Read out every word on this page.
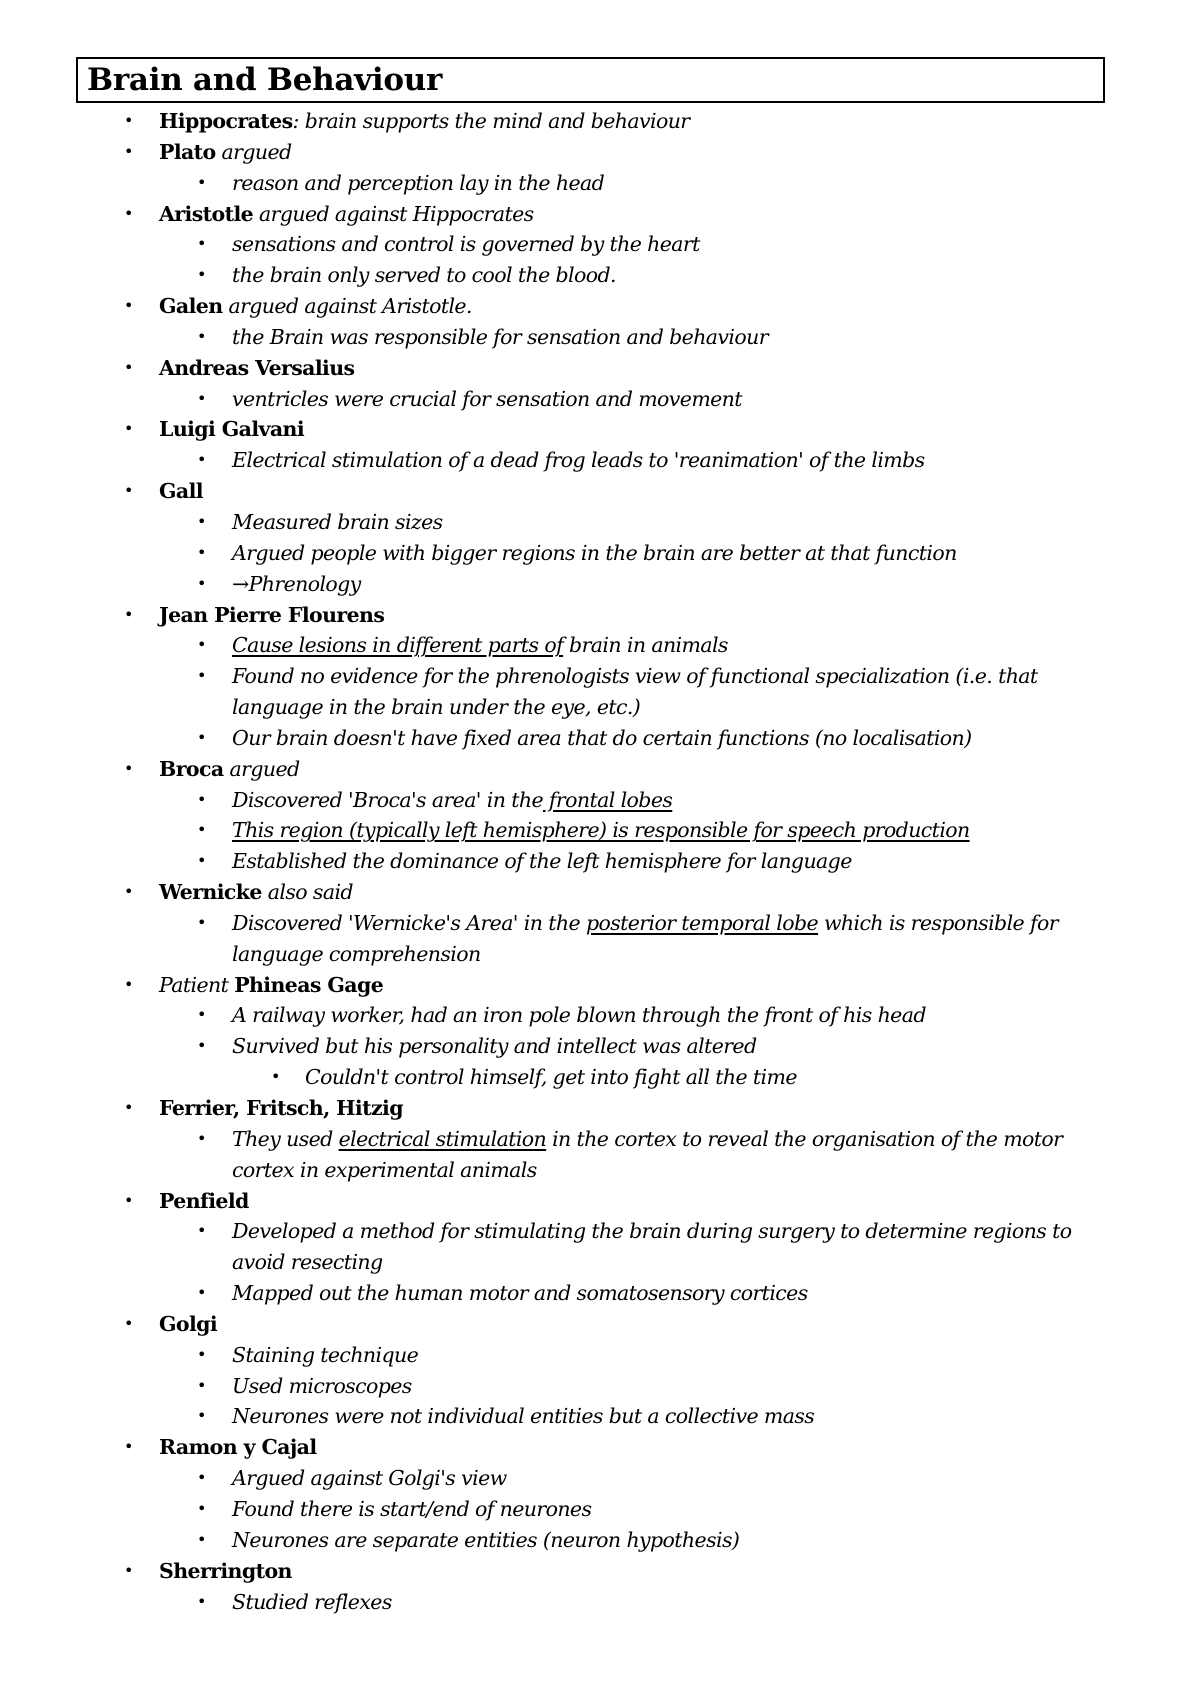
Brain and Behaviour
• Hippocrates: brain supports the mind and behaviour
• Plato argued
• reason and perception lay in the head
• Aristotle argued against Hippocrates
• sensations and control is governed by the heart
• the brain only served to cool the blood.
• Galen argued against Aristotle.
• the Brain was responsible for sensation and behaviour
• Andreas Versalius
• ventricles were crucial for sensation and movement
• Luigi Galvani
• Electrical stimulation of a dead frog leads to 'reanimation' of the limbs
• Gall
• Measured brain sizes
• Argued people with bigger regions in the brain are better at that function
• →Phrenology
• Jean Pierre Flourens
• Cause lesions in different parts of brain in animals
• Found no evidence for the phrenologists view of functional specialization (i.e. that language in the brain under the eye, etc.)
• Our brain doesn't have fixed area that do certain functions (no localisation)
• Broca argued
• Discovered 'Broca's area' in the frontal lobes
• This region (typically left hemisphere) is responsible for speech production
• Established the dominance of the left hemisphere for language
• Wernicke also said
• Discovered 'Wernicke's Area' in the posterior temporal lobe which is responsible for language comprehension
• Patient Phineas Gage
• A railway worker, had an iron pole blown through the front of his head
• Survived but his personality and intellect was altered
• Couldn't control himself, get into fight all the time
• Ferrier, Fritsch, Hitzig
• They used electrical stimulation in the cortex to reveal the organisation of the motor cortex in experimental animals
• Penfield
• Developed a method for stimulating the brain during surgery to determine regions to avoid resecting
• Mapped out the human motor and somatosensory cortices
• Golgi
• Staining technique
• Used microscopes
• Neurones were not individual entities but a collective mass
• Ramon y Cajal
• Argued against Golgi's view
• Found there is start/end of neurones
• Neurones are separate entities (neuron hypothesis)
• Sherrington
• Studied reflexes
